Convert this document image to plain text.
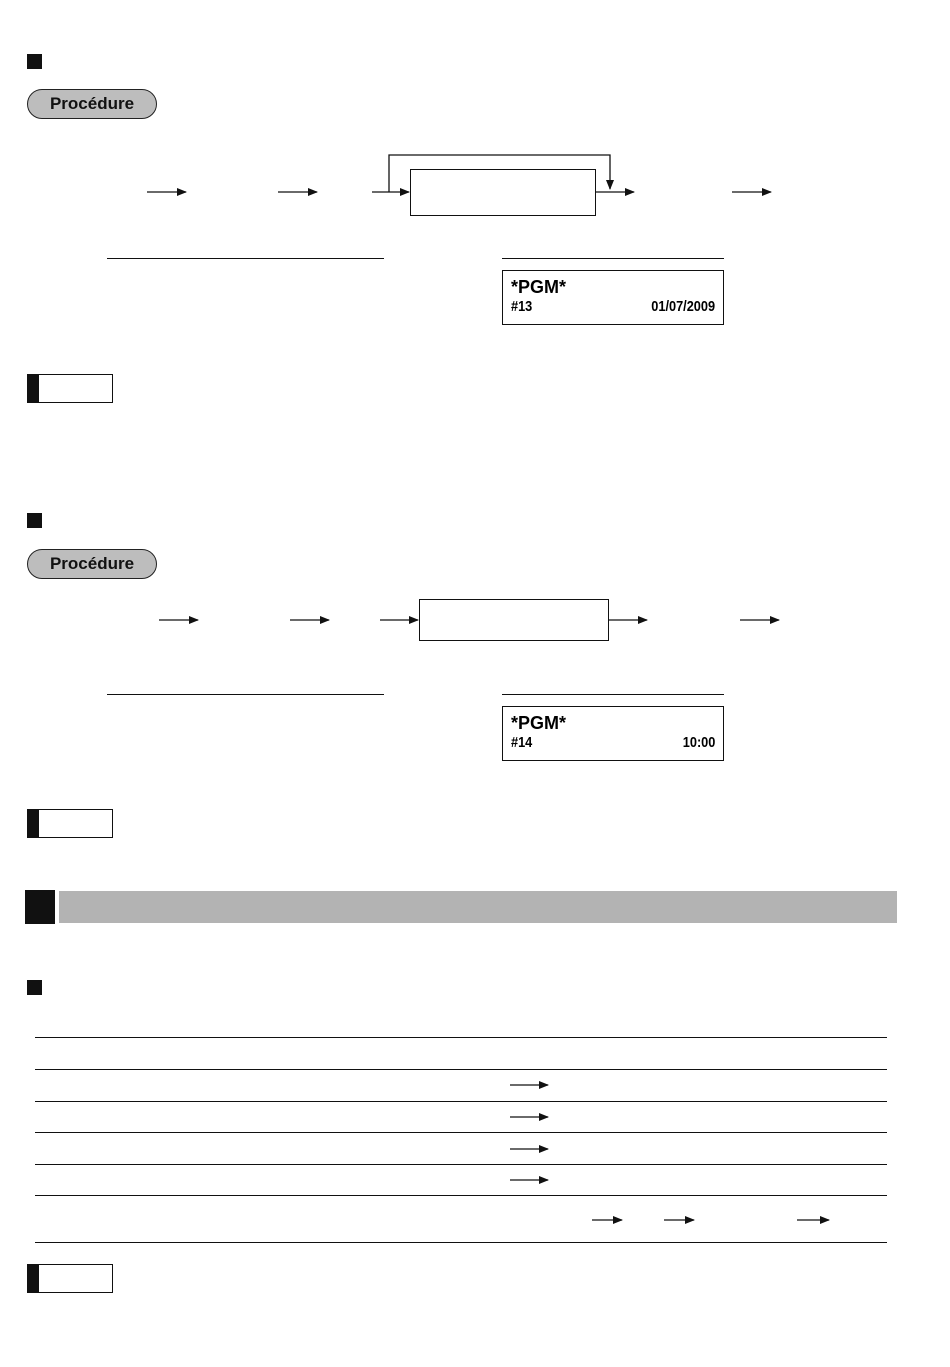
Procédure
*PGM*
#13	01/07/2009
Procédure
*PGM*
#14	10:00
